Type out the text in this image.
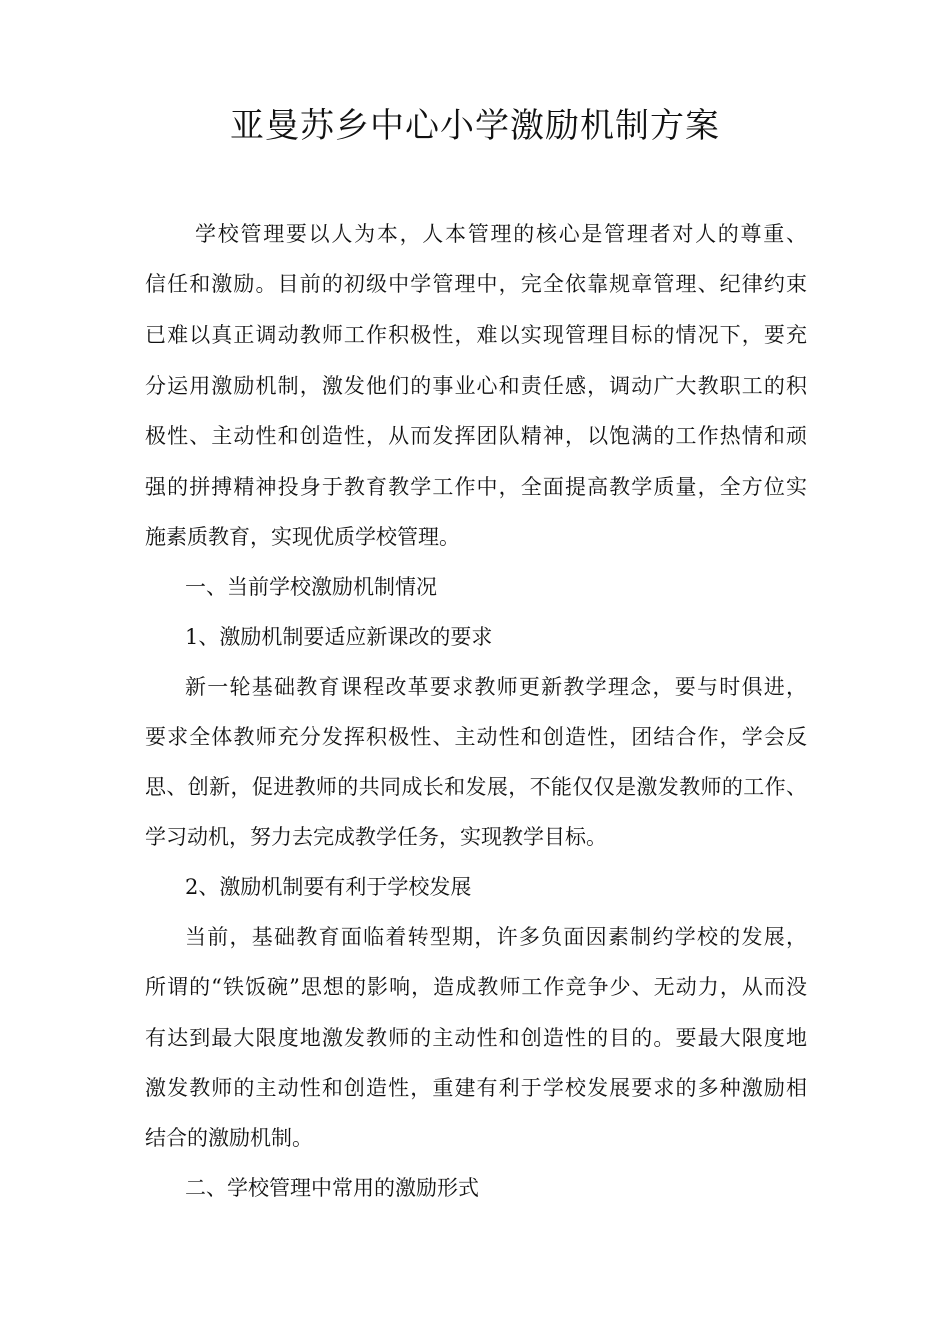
亚曼苏乡中心小学激励机制方案
学校管理要以人为本，人本管理的核心是管理者对人的尊重、
信任和激励。目前的初级中学管理中，完全依靠规章管理、纪律约束
已难以真正调动教师工作积极性，难以实现管理目标的情况下，要充
分运用激励机制，激发他们的事业心和责任感，调动广大教职工的积
极性、主动性和创造性，从而发挥团队精神，以饱满的工作热情和顽
强的拼搏精神投身于教育教学工作中，全面提高教学质量，全方位实
施素质教育，实现优质学校管理。
一、当前学校激励机制情况
1、激励机制要适应新课改的要求
新一轮基础教育课程改革要求教师更新教学理念，要与时俱进，
要求全体教师充分发挥积极性、主动性和创造性，团结合作，学会反
思、创新，促进教师的共同成长和发展，不能仅仅是激发教师的工作、
学习动机，努力去完成教学任务，实现教学目标。
2、激励机制要有利于学校发展
当前，基础教育面临着转型期，许多负面因素制约学校的发展，
所谓的“铁饭碗”思想的影响，造成教师工作竞争少、无动力，从而没
有达到最大限度地激发教师的主动性和创造性的目的。要最大限度地
激发教师的主动性和创造性，重建有利于学校发展要求的多种激励相
结合的激励机制。
二、学校管理中常用的激励形式
